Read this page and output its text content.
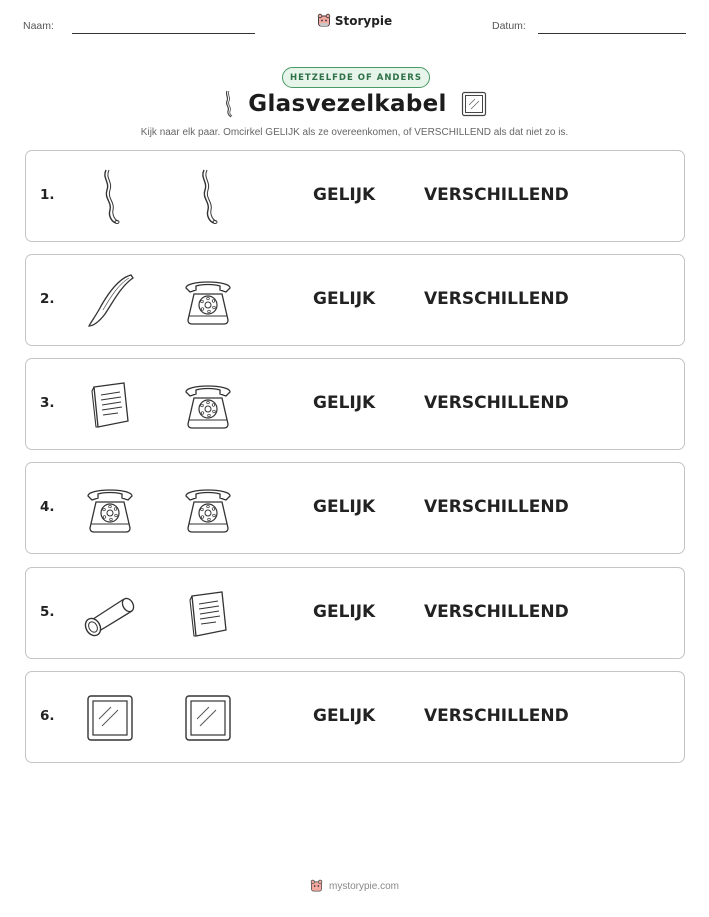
Naam:	Storypie	Datum:
HETZELFDE OF ANDERS
Glasvezelkabel
Kijk naar elk paar. Omcirkel GELIJK als ze overeenkomen, of VERSCHILLEND als dat niet zo is.
1.	GELIJK	VERSCHILLEND
2.	GELIJK	VERSCHILLEND
3.	GELIJK	VERSCHILLEND
4.	GELIJK	VERSCHILLEND
5.	GELIJK	VERSCHILLEND
6.	GELIJK	VERSCHILLEND
mystorypie.com
